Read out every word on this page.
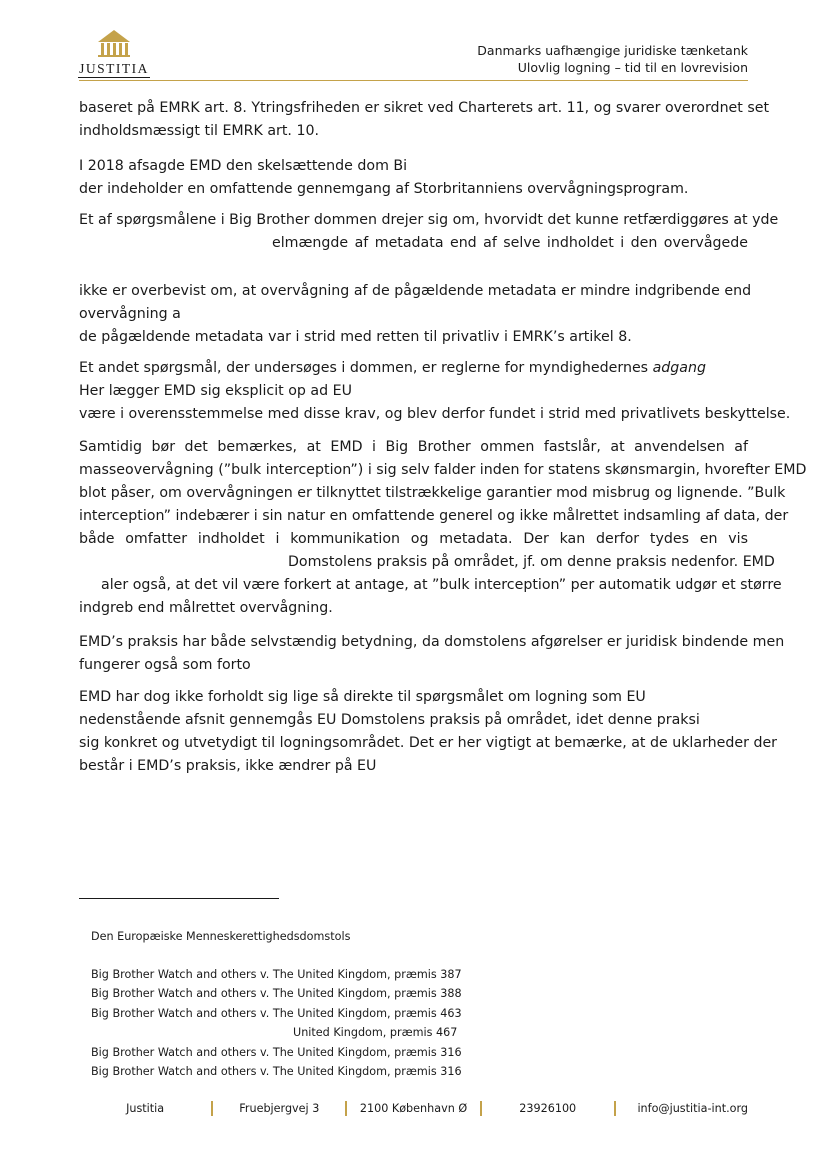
JUSTITIA
Danmarks uafhængige juridiske tænketank
Ulovlig logning – tid til en lovrevision
baseret på EMRK art. 8. Ytringsfriheden er sikret ved Charterets art. 11, og svarer overordnet set
indholdsmæssigt til EMRK art. 10.
I 2018 afsagde EMD den skelsættende dom Bi
der indeholder en omfattende gennemgang af Storbritanniens overvågningsprogram.
Et af spørgsmålene i Big Brother dommen drejer sig om, hvorvidt det kunne retfærdiggøres at yde
elmængde af metadata end af selve indholdet i den overvågede
ikke er overbevist om, at overvågning af de pågældende metadata er mindre indgribende end
overvågning a
de pågældende metadata var i strid med retten til privatliv i EMRK’s artikel 8.
Et andet spørgsmål, der undersøges i dommen, er reglerne for myndighedernes adgang
Her lægger EMD sig eksplicit op ad EU
være i overensstemmelse med disse krav, og blev derfor fundet i strid med privatlivets beskyttelse.
Samtidig bør det bemærkes, at EMD i Big Brother ommen fastslår, at anvendelsen af
masseovervågning (”bulk interception”) i sig selv falder inden for statens skønsmargin, hvorefter EMD
blot påser, om overvågningen er tilknyttet tilstrækkelige garantier mod misbrug og lignende. ”Bulk
interception” indebærer i sin natur en omfattende generel og ikke målrettet indsamling af data, der
både omfatter indholdet i kommunikation og metadata. Der kan derfor tydes en vis
Domstolens praksis på området, jf. om denne praksis nedenfor. EMD
aler også, at det vil være forkert at antage, at ”bulk interception” per automatik udgør et større
indgreb end målrettet overvågning.
EMD’s praksis har både selvstændig betydning, da domstolens afgørelser er juridisk bindende men
fungerer også som forto
EMD har dog ikke forholdt sig lige så direkte til spørgsmålet om logning som EU
nedenstående afsnit gennemgås EU Domstolens praksis på området, idet denne praksi
sig konkret og utvetydigt til logningsområdet. Det er her vigtigt at bemærke, at de uklarheder der
består i EMD’s praksis, ikke ændrer på EU
Den Europæiske Menneskerettighedsdomstols
Big Brother Watch and others v. The United Kingdom, præmis 387
Big Brother Watch and others v. The United Kingdom, præmis 388
Big Brother Watch and others v. The United Kingdom, præmis 463
United Kingdom, præmis 467
Big Brother Watch and others v. The United Kingdom, præmis 316
Big Brother Watch and others v. The United Kingdom, præmis 316
Justitia	Fruebjergvej 3	2100 København Ø	23926100	info@justitia-int.org
